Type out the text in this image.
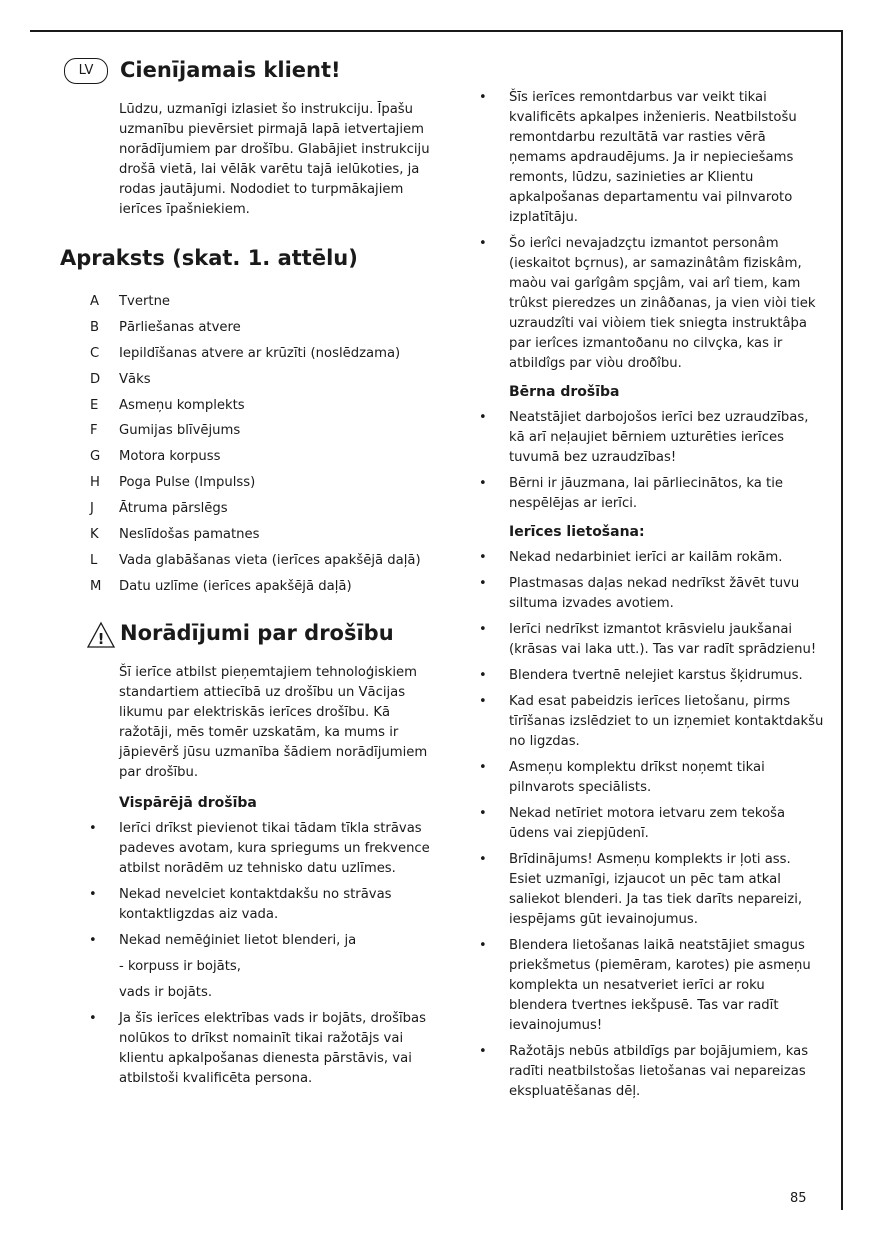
LV	Cienījamais klient!
Lūdzu, uzmanīgi izlasiet šo instrukciju. Īpašu uzmanību pievērsiet pirmajā lapā ietvertajiem norādījumiem par drošību. Glabājiet instrukciju drošā vietā, lai vēlāk varētu tajā ielūkoties, ja rodas jautājumi. Nododiet to turpmākajiem ierīces īpašniekiem.
Apraksts (skat. 1. attēlu)
A Tvertne
B Pārliešanas atvere
C Iepildīšanas atvere ar krūzīti (noslēdzama)
D Vāks
E Asmeņu komplekts
F Gumijas blīvējums
G Motora korpuss
H Poga Pulse (Impulss)
J Ātruma pārslēgs
K Neslīdošas pamatnes
L Vada glabāšanas vieta (ierīces apakšējā daļā)
M Datu uzlīme (ierīces apakšējā daļā)
! Norādījumi par drošību
Šī ierīce atbilst pieņemtajiem tehnoloģiskiem standartiem attiecībā uz drošību un Vācijas likumu par elektriskās ierīces drošību. Kā ražotāji, mēs tomēr uzskatām, ka mums ir jāpievērš jūsu uzmanība šādiem norādījumiem par drošību.
Vispārējā drošība
• Ierīci drīkst pievienot tikai tādam tīkla strāvas padeves avotam, kura spriegums un frekvence atbilst norādēm uz tehnisko datu uzlīmes.
• Nekad nevelciet kontaktdakšu no strāvas kontaktligzdas aiz vada.
• Nekad nemēģiniet lietot blenderi, ja
- korpuss ir bojāts,
vads ir bojāts.
• Ja šīs ierīces elektrības vads ir bojāts, drošības nolūkos to drīkst nomainīt tikai ražotājs vai klientu apkalpošanas dienesta pārstāvis, vai atbilstoši kvalificēta persona.
• Šīs ierīces remontdarbus var veikt tikai kvalificēts apkalpes inženieris. Neatbilstošu remontdarbu rezultātā var rasties vērā ņemams apdraudējums. Ja ir nepieciešams remonts, lūdzu, sazinieties ar Klientu apkalpošanas departamentu vai pilnvaroto izplatītāju.
• Šo ierîci nevajadzçtu izmantot personâm (ieskaitot bçrnus), ar samazinâtâm fiziskâm, maòu vai garîgâm spçjâm, vai arî tiem, kam trûkst pieredzes un zinâðanas, ja vien viòi tiek uzraudzîti vai viòiem tiek sniegta instruktâþa par ierîces izmantoðanu no cilvçka, kas ir atbildîgs par viòu droðîbu.
Bērna drošība
• Neatstājiet darbojošos ierīci bez uzraudzības, kā arī neļaujiet bērniem uzturēties ierīces tuvumā bez uzraudzības!
• Bērni ir jāuzmana, lai pārliecinātos, ka tie nespēlējas ar ierīci.
Ierīces lietošana:
• Nekad nedarbiniet ierīci ar kailām rokām.
• Plastmasas daļas nekad nedrīkst žāvēt tuvu siltuma izvades avotiem.
• Ierīci nedrīkst izmantot krāsvielu jaukšanai (krāsas vai laka utt.). Tas var radīt sprādzienu!
• Blendera tvertnē nelejiet karstus šķidrumus.
• Kad esat pabeidzis ierīces lietošanu, pirms tīrīšanas izslēdziet to un izņemiet kontaktdakšu no ligzdas.
• Asmeņu komplektu drīkst noņemt tikai pilnvarots speciālists.
• Nekad netīriet motora ietvaru zem tekoša ūdens vai ziepjūdenī.
• Brīdinājums! Asmeņu komplekts ir ļoti ass. Esiet uzmanīgi, izjaucot un pēc tam atkal saliekot blenderi. Ja tas tiek darīts nepareizi, iespējams gūt ievainojumus.
• Blendera lietošanas laikā neatstājiet smagus priekšmetus (piemēram, karotes) pie asmeņu komplekta un nesatveriet ierīci ar roku blendera tvertnes iekšpusē. Tas var radīt ievainojumus!
• Ražotājs nebūs atbildīgs par bojājumiem, kas radīti neatbilstošas lietošanas vai nepareizas ekspluatēšanas dēļ.
85
